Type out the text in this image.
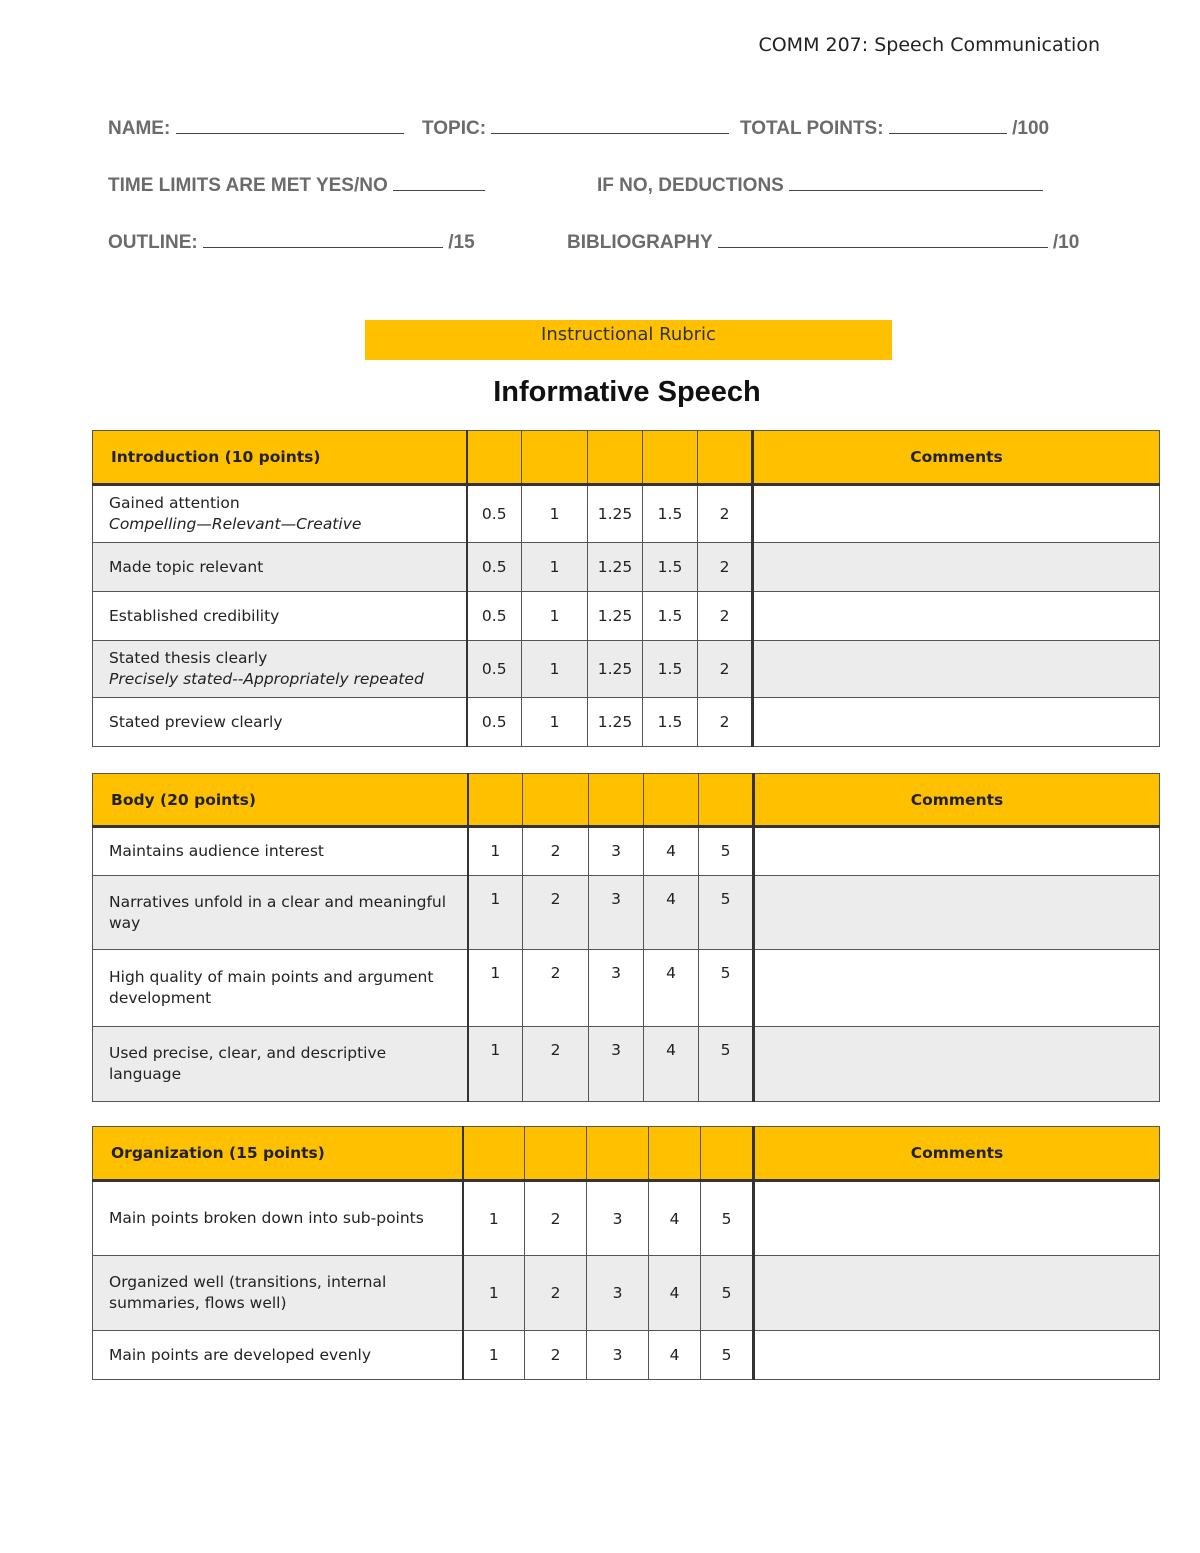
COMM 207: Speech Communication
NAME:	TOPIC:	TOTAL POINTS:	/100
TIME LIMITS ARE MET YES/NO	IF NO, DEDUCTIONS
OUTLINE:	/15	BIBLIOGRAPHY	/10
Instructional Rubric
Informative Speech
Introduction (10 points)						Comments
Gained attention
Compelling—Relevant—Creative	0.5	1	1.25	1.5	2	
Made topic relevant	0.5	1	1.25	1.5	2	
Established credibility	0.5	1	1.25	1.5	2	
Stated thesis clearly
Precisely stated--Appropriately repeated	0.5	1	1.25	1.5	2	
Stated preview clearly	0.5	1	1.25	1.5	2	
Body (20 points)						Comments
Maintains audience interest	1	2	3	4	5	
Narratives unfold in a clear and meaningful way	1	2	3	4	5	
High quality of main points and argument development	1	2	3	4	5	
Used precise, clear, and descriptive language	1	2	3	4	5	
Organization (15 points)						Comments
Main points broken down into sub-points	1	2	3	4	5	
Organized well (transitions, internal summaries, flows well)	1	2	3	4	5	
Main points are developed evenly	1	2	3	4	5	
